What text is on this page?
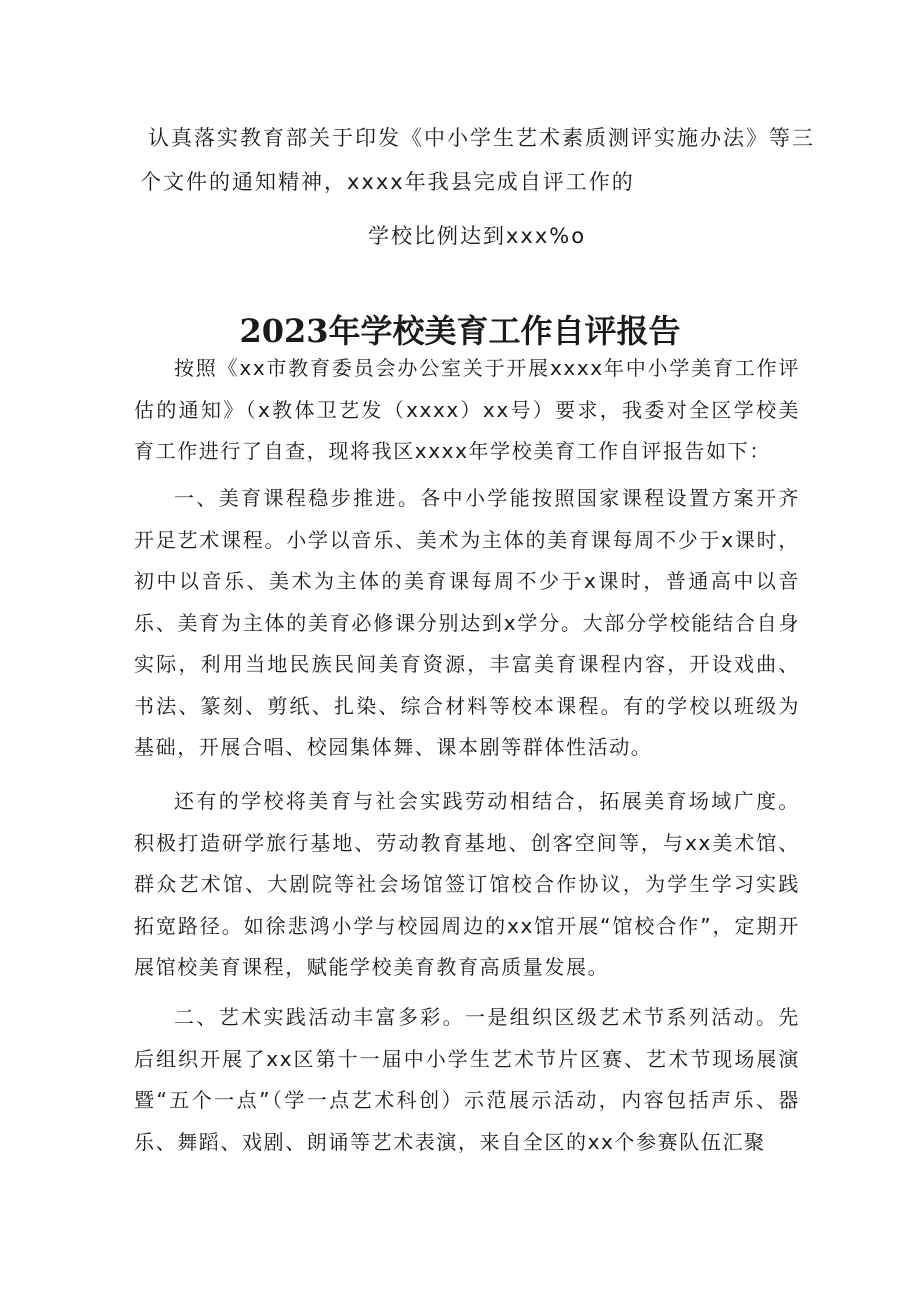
认真落实教育部关于印发《中小学生艺术素质测评实施办法》等三
个文件的通知精神，xxxx年我县完成自评工作的
学校比例达到xxx%o
2023年学校美育工作自评报告

按照《xx市教育委员会办公室关于开展xxxx年中小学美育工作评估的通知》（x教体卫艺发（xxxx）xx号）要求，我委对全区学校美育工作进行了自查，现将我区xxxx年学校美育工作自评报告如下：

一、美育课程稳步推进。各中小学能按照国家课程设置方案开齐开足艺术课程。小学以音乐、美术为主体的美育课每周不少于x课时，初中以音乐、美术为主体的美育课每周不少于x课时，普通高中以音乐、美育为主体的美育必修课分别达到x学分。大部分学校能结合自身实际，利用当地民族民间美育资源，丰富美育课程内容，开设戏曲、书法、篆刻、剪纸、扎染、综合材料等校本课程。有的学校以班级为基础，开展合唱、校园集体舞、课本剧等群体性活动。

还有的学校将美育与社会实践劳动相结合，拓展美育场域广度。积极打造研学旅行基地、劳动教育基地、创客空间等，与xx美术馆、群众艺术馆、大剧院等社会场馆签订馆校合作协议，为学生学习实践拓宽路径。如徐悲鸿小学与校园周边的xx馆开展“馆校合作”，定期开展馆校美育课程，赋能学校美育教育高质量发展。

二、艺术实践活动丰富多彩。一是组织区级艺术节系列活动。先后组织开展了xx区第十一届中小学生艺术节片区赛、艺术节现场展演暨“五个一点”（学一点艺术科创）示范展示活动，内容包括声乐、器乐、舞蹈、戏剧、朗诵等艺术表演，来自全区的xx个参赛队伍汇聚
